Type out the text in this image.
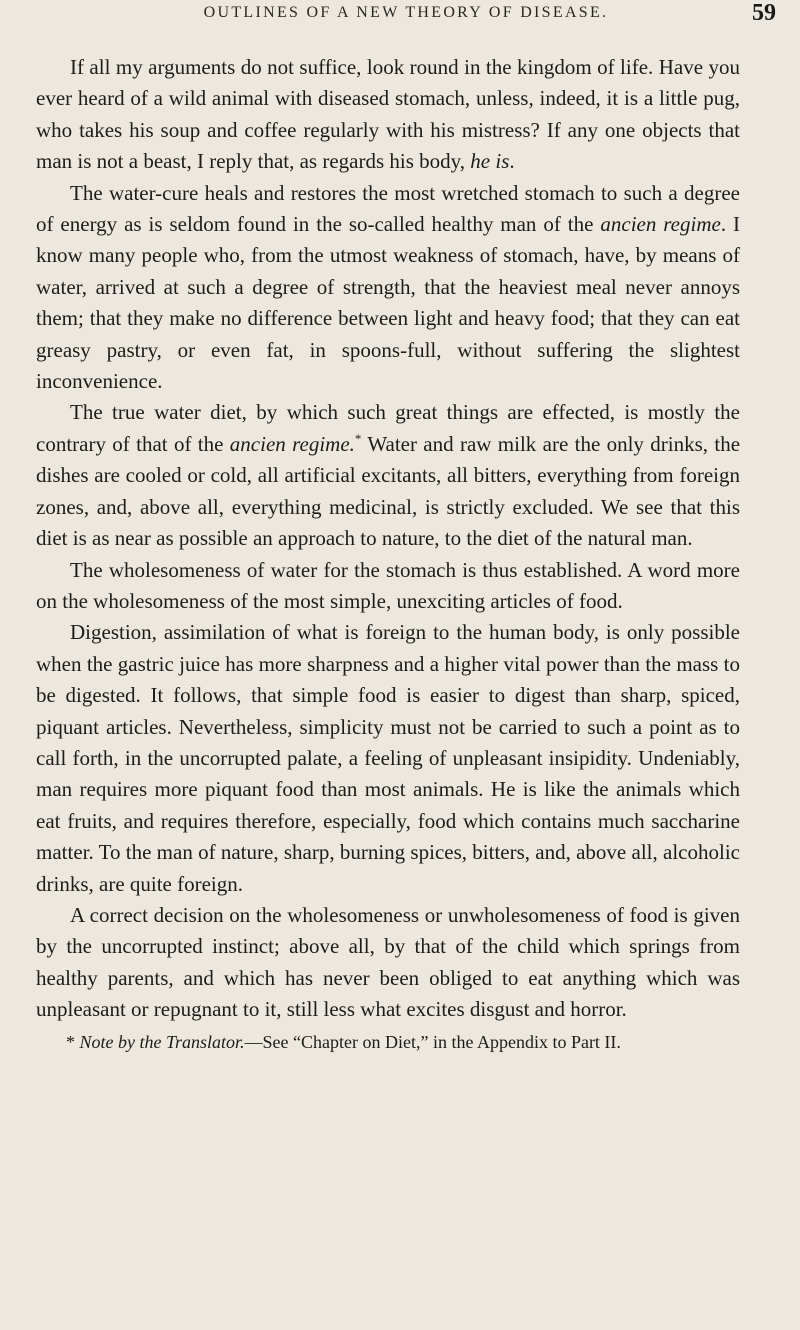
OUTLINES OF A NEW THEORY OF DISEASE.	59

If all my arguments do not suffice, look round in the kingdom of life. Have you ever heard of a wild animal with diseased stomach, unless, indeed, it is a little pug, who takes his soup and coffee regularly with his mistress? If any one objects that man is not a beast, I reply that, as regards his body, he is.

The water-cure heals and restores the most wretched stomach to such a degree of energy as is seldom found in the so-called healthy man of the ancien regime. I know many people who, from the utmost weakness of stomach, have, by means of water, arrived at such a degree of strength, that the heaviest meal never annoys them; that they make no difference between light and heavy food; that they can eat greasy pastry, or even fat, in spoons-full, without suffering the slightest inconvenience.

The true water diet, by which such great things are effected, is mostly the contrary of that of the ancien regime.* Water and raw milk are the only drinks, the dishes are cooled or cold, all artificial excitants, all bitters, everything from foreign zones, and, above all, everything medicinal, is strictly excluded. We see that this diet is as near as possible an approach to nature, to the diet of the natural man.

The wholesomeness of water for the stomach is thus established. A word more on the wholesomeness of the most simple, unexciting articles of food.

Digestion, assimilation of what is foreign to the human body, is only possible when the gastric juice has more sharpness and a higher vital power than the mass to be digested. It follows, that simple food is easier to digest than sharp, spiced, piquant articles. Nevertheless, simplicity must not be carried to such a point as to call forth, in the uncorrupted palate, a feeling of unpleasant insipidity. Undeniably, man requires more piquant food than most animals. He is like the animals which eat fruits, and requires therefore, especially, food which contains much saccharine matter. To the man of nature, sharp, burning spices, bitters, and, above all, alcoholic drinks, are quite foreign.

A correct decision on the wholesomeness or unwholesomeness of food is given by the uncorrupted instinct; above all, by that of the child which springs from healthy parents, and which has never been obliged to eat anything which was unpleasant or repugnant to it, still less what excites disgust and horror.

* Note by the Translator.—See “Chapter on Diet,” in the Appendix to Part II.
